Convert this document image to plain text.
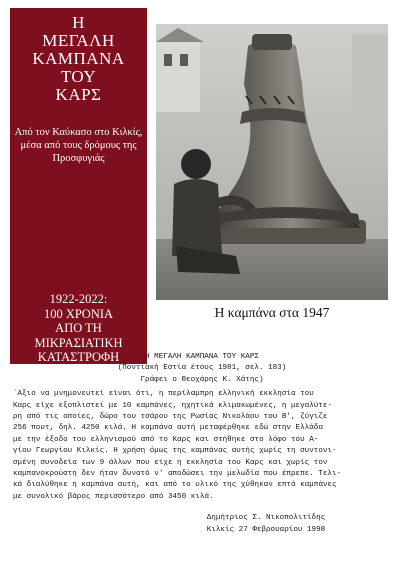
Η
ΜΕΓΑΛΗ
ΚΑΜΠΑΝΑ
ΤΟΥ
ΚΑΡΣ
Από τον Καύκασο στο Κιλκίς, μέσα από τους δρόμους της Προσφυγιάς
1922-2022:
100 ΧΡΟΝΙΑ
ΑΠΟ ΤΗ
ΜΙΚΡΑΣΙΑΤΙΚΗ
ΚΑΤΑΣΤΡΟΦΗ
Η καμπάνα στα 1947
Η ΜΕΓΑΛΗ ΚΑΜΠΑΝΑ ΤΟΥ ΚΑΡΣ
(Ποντιακή Εστία έτους 1981, σελ. 183)
Γράφει ο Θεοχάρης Κ. Χάτης)
΄Αξιο να μνημονευτεί είναι ότι, η περίλαμπρη ελληνική εκκλησία του
Καρς είχε εξοπλιστεί με 10 καμπάνες, ηχητικά κλιμακωμένες, η μεγαλύτε-
ρη από τις οποίες, δώρο του τσάρου της Ρωσίας Νικολάου του Β', ζύγιζε
256 πουτ, δηλ. 4250 κιλά. Η καμπάνα αυτή μεταφέρθηκε εδώ στην Ελλάδα
με την έξοδο του ελληνισμού από το Καρς και στήθηκε στο λόφο του Α-
γίου Γεωργίου Κιλκίς. Η χρήση όμως της καμπάνας αυτής χωρίς τη συντονι-
σμένη συνοδεία των 9 άλλων που είχε η εκκλησία του Καρς και χωρίς τον
καμπανοκρούστη δεν ήταν δυνατό ν' αποδώσει την μελωδία που έπρεπε. Τελι-
κά διαλύθηκε η καμπάνα αυτή, και από το υλικό της χύθηκαν επτά καμπάνες
με συνολικό βάρος περισσότερο από 3450 κιλά.
Δημήτριος Σ. Νικοπολιτίδης
Κιλκίς 27 Φεβρουαρίου 1998
